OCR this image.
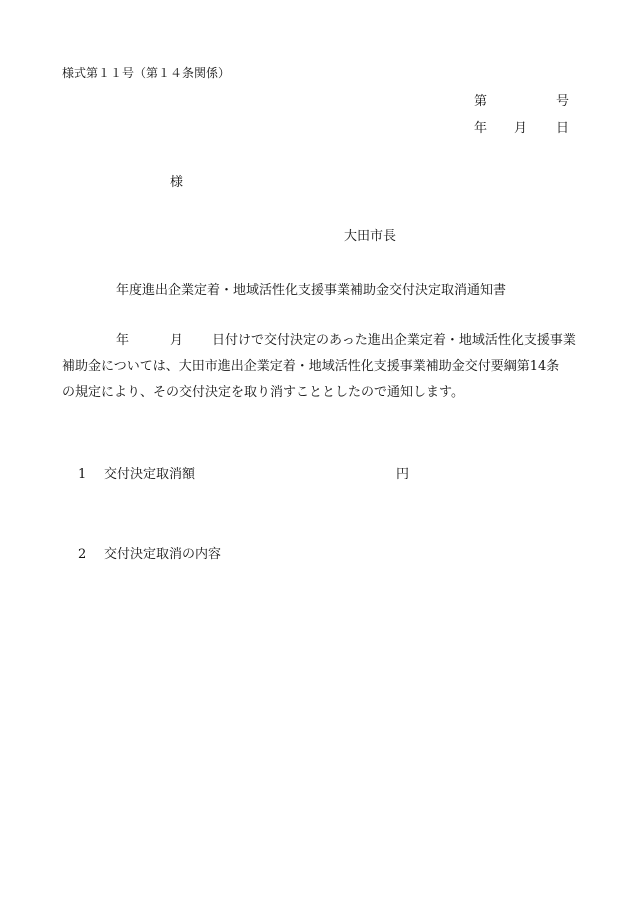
様式第１１号（第１４条関係）
第	号
年 月 日
様
大田市長
年度進出企業定着・地域活性化支援事業補助金交付決定取消通知書
年	月 日付けで交付決定のあった進出企業定着・地域活性化支援事業
補助金については、大田市進出企業定着・地域活性化支援事業補助金交付要綱第14条
の規定により、その交付決定を取り消すこととしたので通知します。
1 交付決定取消額	円
2 交付決定取消の内容
